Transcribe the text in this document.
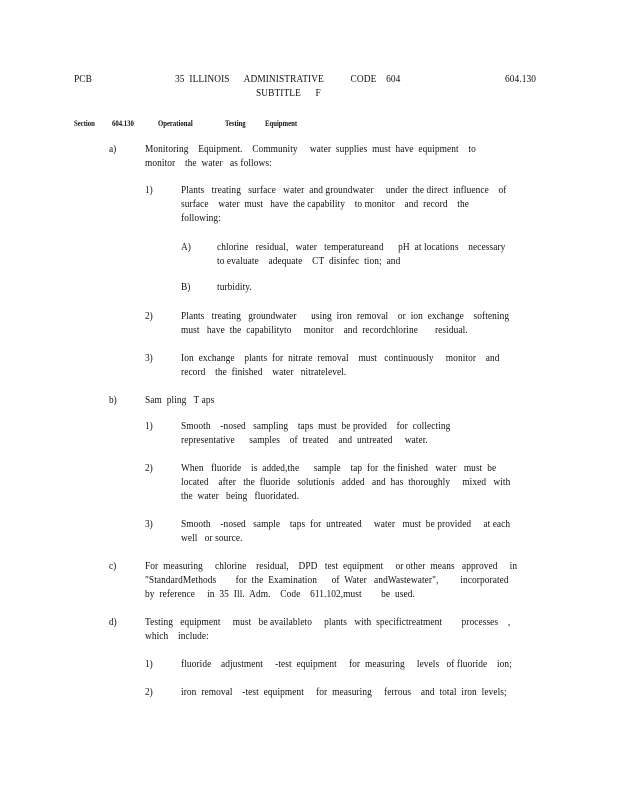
PCB	35  ILLINOIS      ADMINISTRATIVE           CODE    604
SUBTITLE      F
604.130
Section 604.130	Operational	Testing Equipment
a)	Monitoring    Equipment.    Community     water  supplies  must  have  equipment    to
monitor    the  water   as follows:
1)	Plants   treating   surface   water  and groundwater     under  the direct  influence    of
surface    water  must   have  the capability    to monitor    and  record    the
following:
A)	chlorine   residual,   water   temperatureand      pH  at locations    necessary
to evaluate    adequate    CT  disinfec  tion;  and
B)	turbidity.
2)	Plants   treating   groundwater      using  iron  removal    or  ion  exchange    softening
must   have  the  capabilityto     monitor    and  recordchlorine       residual.
3)	Ion  exchange    plants  for  nitrate  removal    must   continuously     monitor    and
record    the  finished    water   nitratelevel.
b)	Sam  pling   T aps
1)	Smooth    -nosed   sampling    taps  must  be provided    for  collecting
representative      samples    of  treated    and  untreated     water.
2)	When   fluoride    is  added,the      sample    tap  for  the finished   water   must  be
located    after   the  fluoride   solutionis   added   and  has  thoroughly     mixed   with
the  water   being   fluoridated.
3)	Smooth    -nosed   sample    taps  for  untreated     water   must  be provided     at each
well   or source.
c)	For  measuring     chlorine    residual,    DPD   test  equipment     or other  means   approved     in
"StandardMethods        for  the  Examination      of  Water   andWastewater",         incorporated
by  reference     in  35  Ill.  Adm.    Code    611.102,must        be  used.
d)	Testing   equipment     must   be availableto     plants   with  specifictreatment        processes    ,
which    include:
1)	fluoride    adjustment     -test  equipment     for  measuring     levels   of fluoride    ion;
2)	iron  removal    -test  equipment     for  measuring     ferrous    and  total  iron  levels;
